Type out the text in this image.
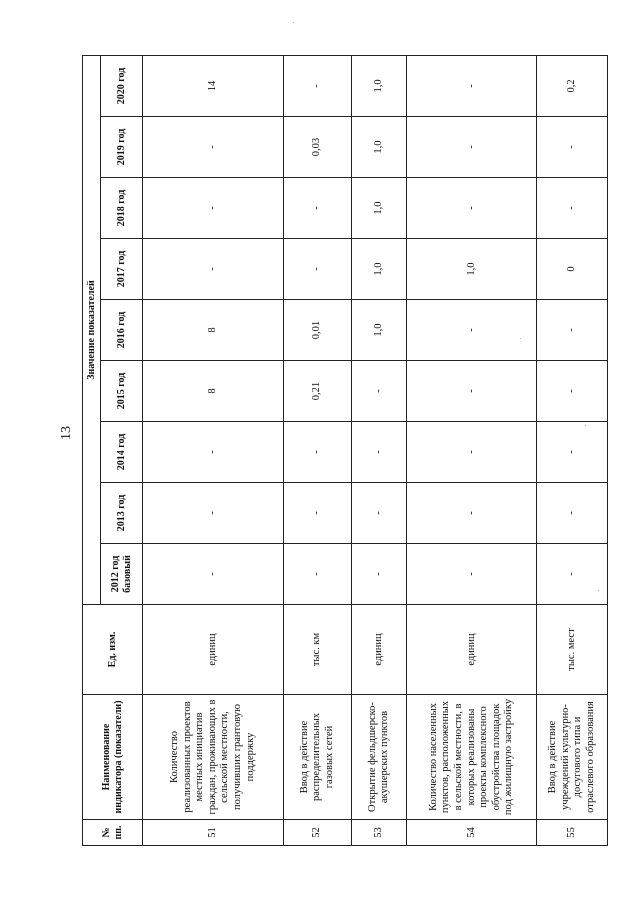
13
№ пп.	Наименование индикатора (показатели)	Ед. изм.	Значение показателей								
			2012 год базовый	2013 год	2014 год	2015 год	2016 год	2017 год	2018 год	2019 год	2020 год
51	Количество реализованных проектов местных инициатив граждан, проживающих в сельской местности, получивших грантовую поддержку	единиц	-	-	-	8	8	-	-	-	14
52	Ввод в действие распределительных газовых сетей	тыс. км	-	-	-	0,21	0,01	-	-	0,03	-
53	Открытие фельдшерско-акушерских пунктов	единиц	-	-	-	-	1,0	1,0	1,0	1,0	1,0
54	Количество населенных пунктов, расположенных в сельской местности, в которых реализованы проекты комплексного обустройства площадок под жилищную застройку	единиц	-	-	-	-	-	1,0	-	-	-
55	Ввод в действие учреждений культурно-досугового типа и отраслевого образования	тыс. мест	-	-	-	-	-	0	-	-	0,2
